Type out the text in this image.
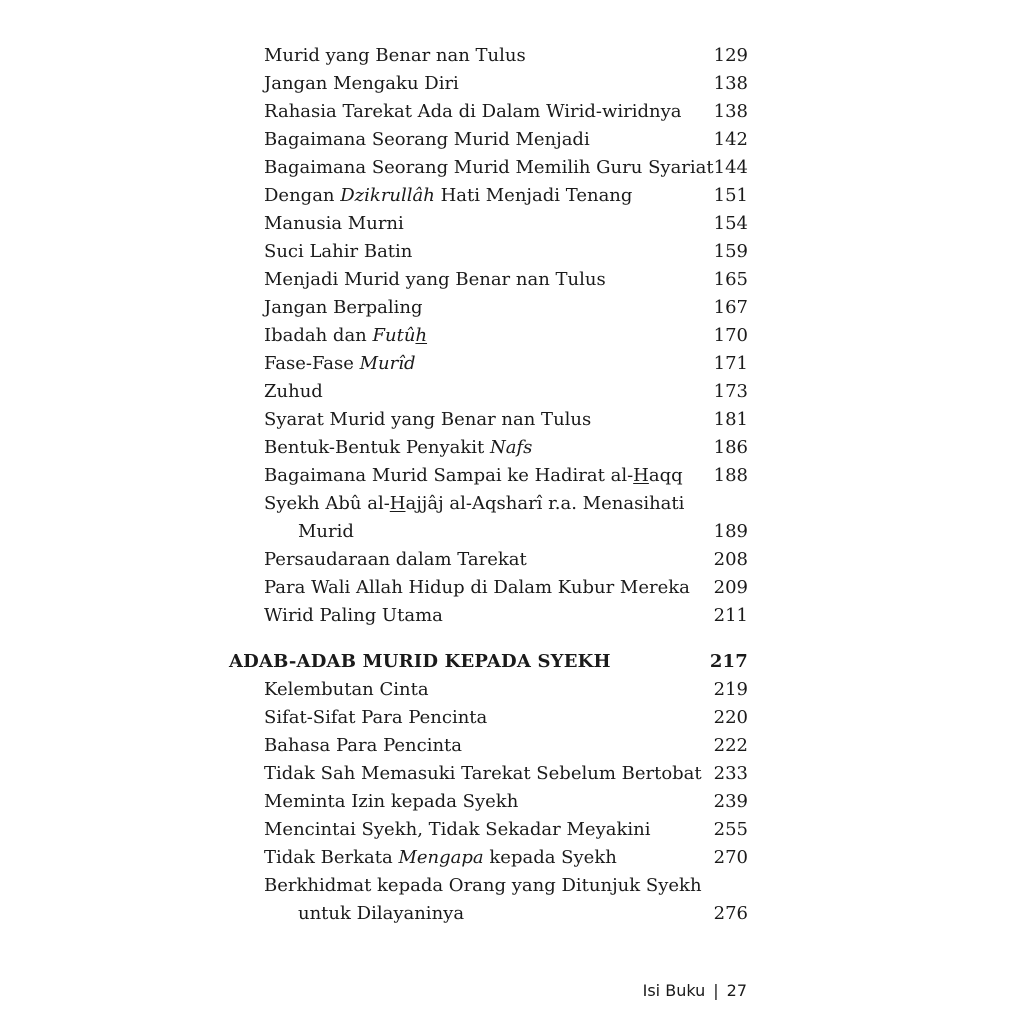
Murid yang Benar nan Tulus	129
Jangan Mengaku Diri	138
Rahasia Tarekat Ada di Dalam Wirid-wiridnya 138
Bagaimana Seorang Murid Menjadi	142
Bagaimana Seorang Murid Memilih Guru Syariat 144
Dengan Dzikrullâh Hati Menjadi Tenang	151
Manusia Murni	154
Suci Lahir Batin	159
Menjadi Murid yang Benar nan Tulus	165
Jangan Berpaling	167
Ibadah dan Futûh	170
Fase-Fase Murîd	171
Zuhud	173
Syarat Murid yang Benar nan Tulus	181
Bentuk-Bentuk Penyakit Nafs	186
Bagaimana Murid Sampai ke Hadirat al-Haqq 188
Syekh Abû al-Hajjâj al-Aqsharî r.a. Menasihati
Murid	189
Persaudaraan dalam Tarekat	208
Para Wali Allah Hidup di Dalam Kubur Mereka 209
Wirid Paling Utama	211
ADAB-ADAB MURID KEPADA SYEKH	217
Kelembutan Cinta	219
Sifat-Sifat Para Pencinta	220
Bahasa Para Pencinta	222
Tidak Sah Memasuki Tarekat Sebelum Bertobat 233
Meminta Izin kepada Syekh	239
Mencintai Syekh, Tidak Sekadar Meyakini	255
Tidak Berkata Mengapa kepada Syekh	270
Berkhidmat kepada Orang yang Ditunjuk Syekh
untuk Dilayaninya	276
Isi Buku | 27
